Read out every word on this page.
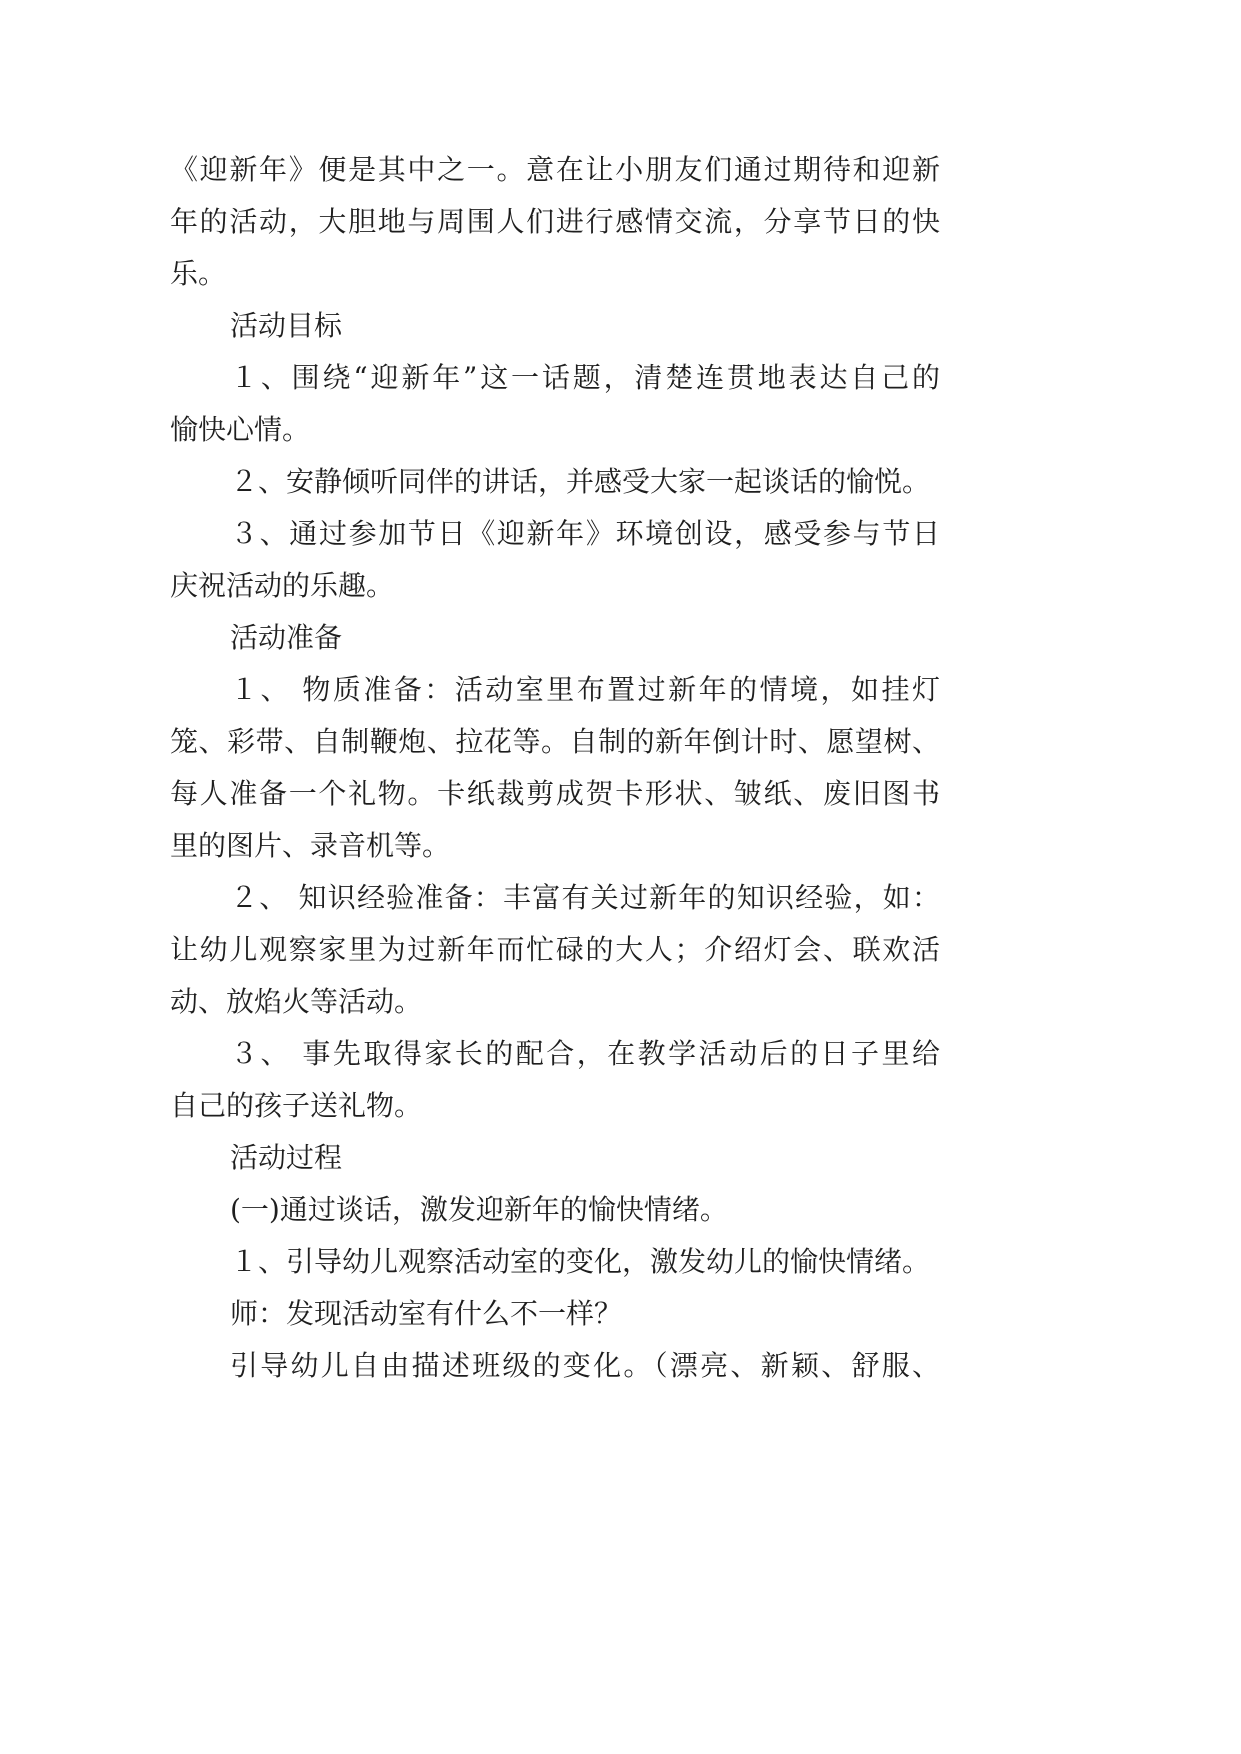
《迎新年》便是其中之一。意在让小朋友们通过期待和迎新
年的活动，大胆地与周围人们进行感情交流，分享节日的快
乐。
活动目标
１、围绕“迎新年”这一话题，清楚连贯地表达自己的
愉快心情。
２、安静倾听同伴的讲话，并感受大家一起谈话的愉悦。
３、通过参加节日《迎新年》环境创设，感受参与节日
庆祝活动的乐趣。
活动准备
１、 物质准备：活动室里布置过新年的情境，如挂灯
笼、彩带、自制鞭炮、拉花等。自制的新年倒计时、愿望树、
每人准备一个礼物。卡纸裁剪成贺卡形状、皱纸、废旧图书
里的图片、录音机等。
２、 知识经验准备：丰富有关过新年的知识经验，如：
让幼儿观察家里为过新年而忙碌的大人；介绍灯会、联欢活
动、放焰火等活动。
３、 事先取得家长的配合，在教学活动后的日子里给
自己的孩子送礼物。
活动过程
(一)通过谈话，激发迎新年的愉快情绪。
１、引导幼儿观察活动室的变化，激发幼儿的愉快情绪。
师：发现活动室有什么不一样？
引导幼儿自由描述班级的变化。（漂亮、新颖、舒服、
